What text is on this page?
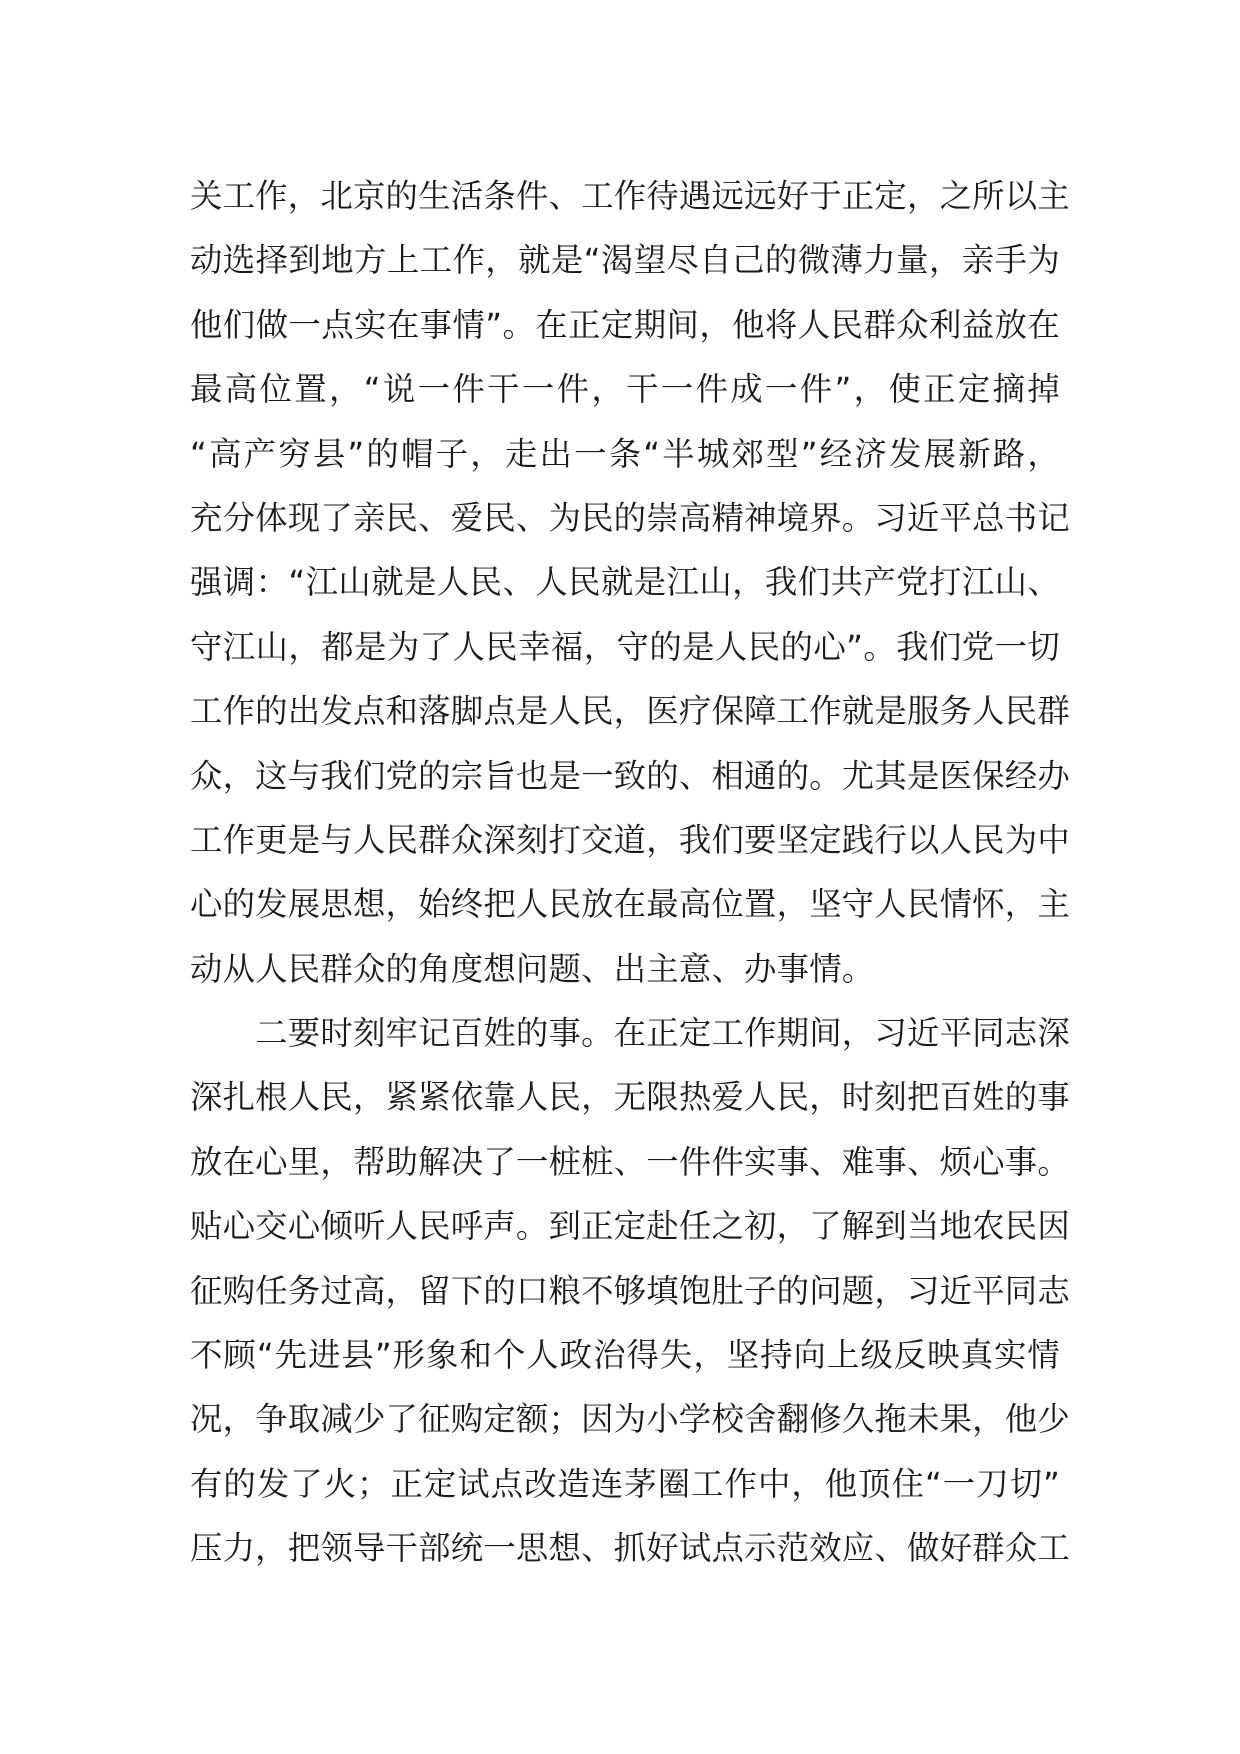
关工作，北京的生活条件、工作待遇远远好于正定，之所以主
动选择到地方上工作，就是“渴望尽自己的微薄力量，亲手为
他们做一点实在事情”。在正定期间，他将人民群众利益放在
最高位置，“说一件干一件，干一件成一件”，使正定摘掉
“高产穷县”的帽子，走出一条“半城郊型”经济发展新路，
充分体现了亲民、爱民、为民的崇高精神境界。习近平总书记
强调：“江山就是人民、人民就是江山，我们共产党打江山、
守江山，都是为了人民幸福，守的是人民的心”。我们党一切
工作的出发点和落脚点是人民，医疗保障工作就是服务人民群
众，这与我们党的宗旨也是一致的、相通的。尤其是医保经办
工作更是与人民群众深刻打交道，我们要坚定践行以人民为中
心的发展思想，始终把人民放在最高位置，坚守人民情怀，主
动从人民群众的角度想问题、出主意、办事情。
　　二要时刻牢记百姓的事。在正定工作期间，习近平同志深
深扎根人民，紧紧依靠人民，无限热爱人民，时刻把百姓的事
放在心里，帮助解决了一桩桩、一件件实事、难事、烦心事。
贴心交心倾听人民呼声。到正定赴任之初，了解到当地农民因
征购任务过高，留下的口粮不够填饱肚子的问题，习近平同志
不顾“先进县”形象和个人政治得失，坚持向上级反映真实情
况，争取减少了征购定额；因为小学校舍翻修久拖未果，他少
有的发了火；正定试点改造连茅圈工作中，他顶住“一刀切”
压力，把领导干部统一思想、抓好试点示范效应、做好群众工
